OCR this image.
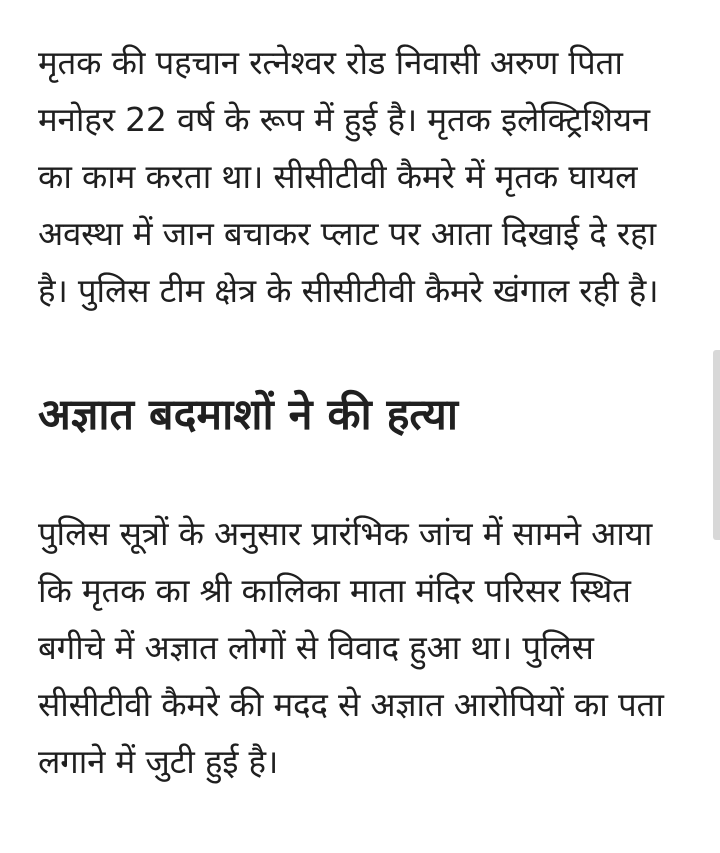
मृतक की पहचान रत्नेश्वर रोड निवासी अरुण पिता मनोहर 22 वर्ष के रूप में हुई है। मृतक इलेक्ट्रिशियन का काम करता था। सीसीटीवी कैमरे में मृतक घायल अवस्था में जान बचाकर प्लाट पर आता दिखाई दे रहा है। पुलिस टीम क्षेत्र के सीसीटीवी कैमरे खंगाल रही है।

अज्ञात बदमाशों ने की हत्या

पुलिस सूत्रों के अनुसार प्रारंभिक जांच में सामने आया कि मृतक का श्री कालिका माता मंदिर परिसर स्थित बगीचे में अज्ञात लोगों से विवाद हुआ था। पुलिस सीसीटीवी कैमरे की मदद से अज्ञात आरोपियों का पता लगाने में जुटी हुई है।
